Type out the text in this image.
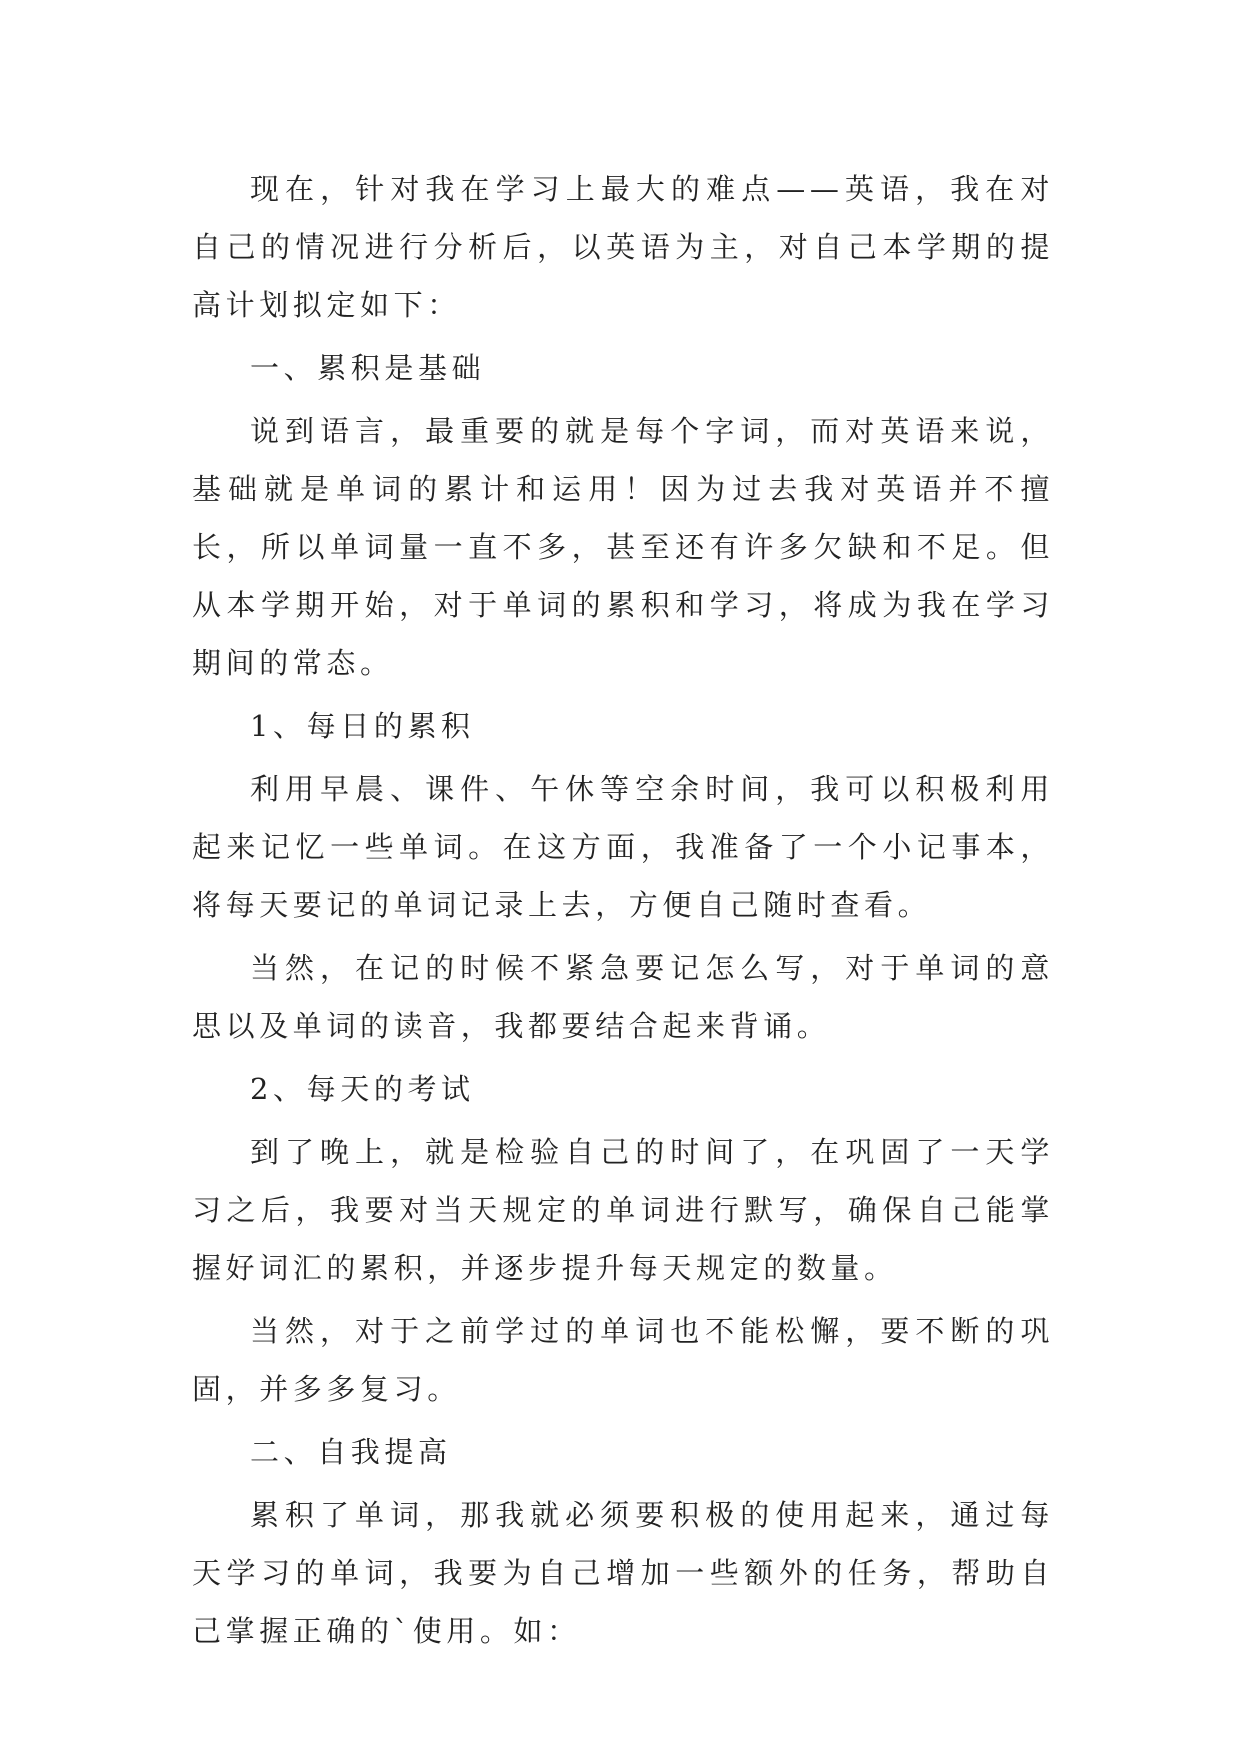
现在，针对我在学习上最大的难点——英语，我在对自己的情况进行分析后，以英语为主，对自己本学期的提高计划拟定如下：

一、累积是基础

说到语言，最重要的就是每个字词，而对英语来说，基础就是单词的累计和运用！因为过去我对英语并不擅长，所以单词量一直不多，甚至还有许多欠缺和不足。但从本学期开始，对于单词的累积和学习，将成为我在学习期间的常态。

1、每日的累积

利用早晨、课件、午休等空余时间，我可以积极利用起来记忆一些单词。在这方面，我准备了一个小记事本，将每天要记的单词记录上去，方便自己随时查看。

当然，在记的时候不紧急要记怎么写，对于单词的意思以及单词的读音，我都要结合起来背诵。

2、每天的考试

到了晚上，就是检验自己的时间了，在巩固了一天学习之后，我要对当天规定的单词进行默写，确保自己能掌握好词汇的累积，并逐步提升每天规定的数量。

当然，对于之前学过的单词也不能松懈，要不断的巩固，并多多复习。

二、自我提高

累积了单词，那我就必须要积极的使用起来，通过每天学习的单词，我要为自己增加一些额外的任务，帮助自己掌握正确的`使用。如：
